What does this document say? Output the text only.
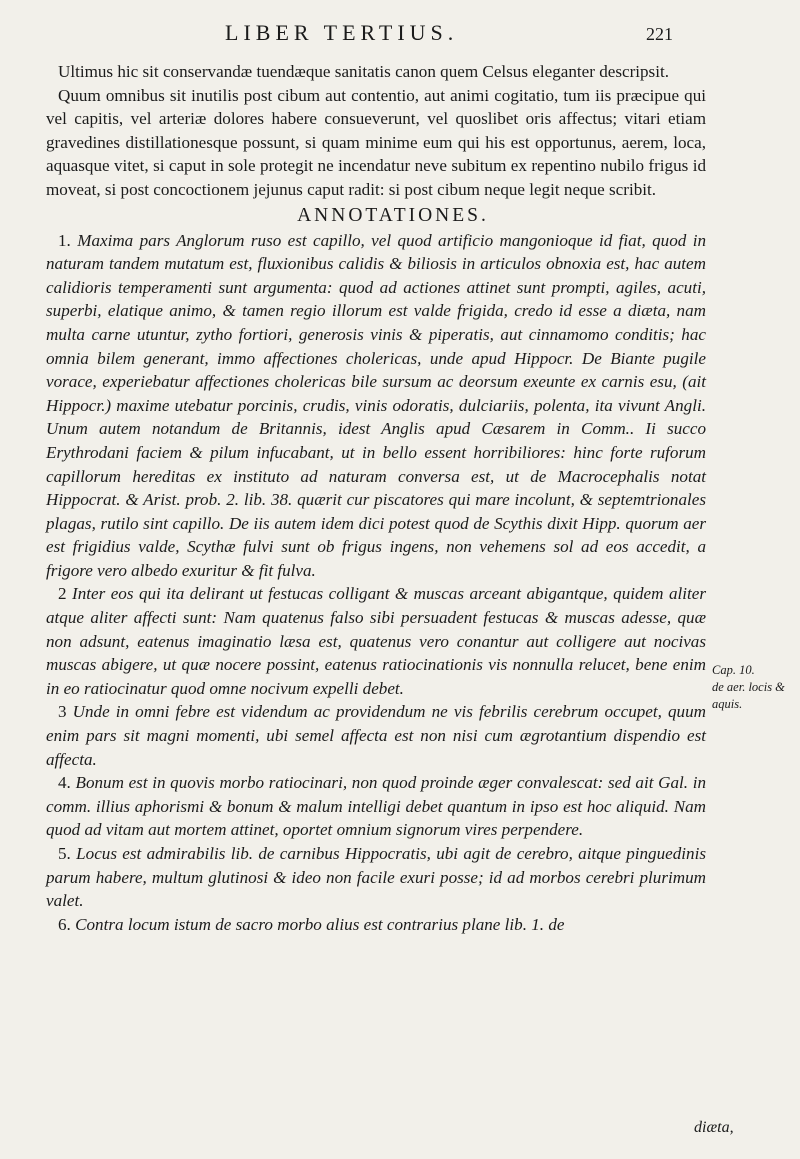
LIBER TERTIUS.	221

Ultimus hic sit conservandæ tuendæque sanitatis canon quem Celsus eleganter descripsit.

Quum omnibus sit inutilis post cibum aut contentio, aut animi cogitatio, tum iis præcipue qui vel capitis, vel arteriæ dolores habere consueverunt, vel quoslibet oris affectus; vitari etiam gravedines distillationesque possunt, si quam minime eum qui his est opportunus, aerem, loca, aquasque vitet, si caput in sole protegit ne incendatur neve subitum ex repentino nubilo frigus id moveat, si post concoctionem jejunus caput radit: si post cibum neque legit neque scribit.

ANNOTATIONES.

1. Maxima pars Anglorum ruso est capillo, vel quod artificio mangonioque id fiat, quod in naturam tandem mutatum est, fluxionibus calidis & biliosis in articulos obnoxia est, hac autem calidioris temperamenti sunt argumenta: quod ad actiones attinet sunt prompti, agiles, acuti, superbi, elatique animo, & tamen regio illorum est valde frigida, credo id esse a diæta, nam multa carne utuntur, zytho fortiori, generosis vinis & piperatis, aut cinnamomo conditis; hac omnia bilem generant, immo affectiones cholericas, unde apud Hippocr. De Biante pugile vorace, experiebatur affectiones cholericas bile sursum ac deorsum exeunte ex carnis esu, (ait Hippocr.) maxime utebatur porcinis, crudis, vinis odoratis, dulciariis, polenta, ita vivunt Angli. Unum autem notandum de Britannis, idest Anglis apud Cæsarem in Comm.. Ii succo Erythrodani faciem & pilum infucabant, ut in bello essent horribiliores: hinc forte ruforum capillorum hereditas ex instituto ad naturam conversa est, ut de Macrocephalis notat Hippocrat. & Arist. prob. 2. lib. 38. quærit cur piscatores qui mare incolunt, & septemtrionales plagas, rutilo sint capillo. De iis autem idem dici potest quod de Scythis dixit Hipp. quorum aer est frigidius valde, Scythæ fulvi sunt ob frigus ingens, non vehemens sol ad eos accedit, a frigore vero albedo exuritur & fit fulva.

2 Inter eos qui ita delirant ut festucas colligant & muscas arceant abigantque, quidem aliter atque aliter affecti sunt: Nam quatenus falso sibi persuadent festucas & muscas adesse, quæ non adsunt, eatenus imaginatio læsa est, quatenus vero conantur aut colligere aut nocivas muscas abigere, ut quæ nocere possint, eatenus ratiocinationis vis nonnulla relucet, bene enim in eo ratiocinatur quod omne nocivum expelli debet.

3 Unde in omni febre est videndum ac providendum ne vis febrilis cerebrum occupet, quum enim pars sit magni momenti, ubi semel affecta est non nisi cum ægrotantium dispendio est affecta.

4. Bonum est in quovis morbo ratiocinari, non quod proinde æger convalescat: sed ait Gal. in comm. illius aphorismi & bonum & malum intelligi debet quantum in ipso est hoc aliquid. Nam quod ad vitam aut mortem attinet, oportet omnium signorum vires perpendere.

5. Locus est admirabilis lib. de carnibus Hippocratis, ubi agit de cerebro, aitque pinguedinis parum habere, multum glutinosi & ideo non facile exuri posse; id ad morbos cerebri plurimum valet.

6. Contra locum istum de sacro morbo alius est contrarius plane lib. 1. de

Cap. 10.
de aer. locis &
aquis.
diæta,
